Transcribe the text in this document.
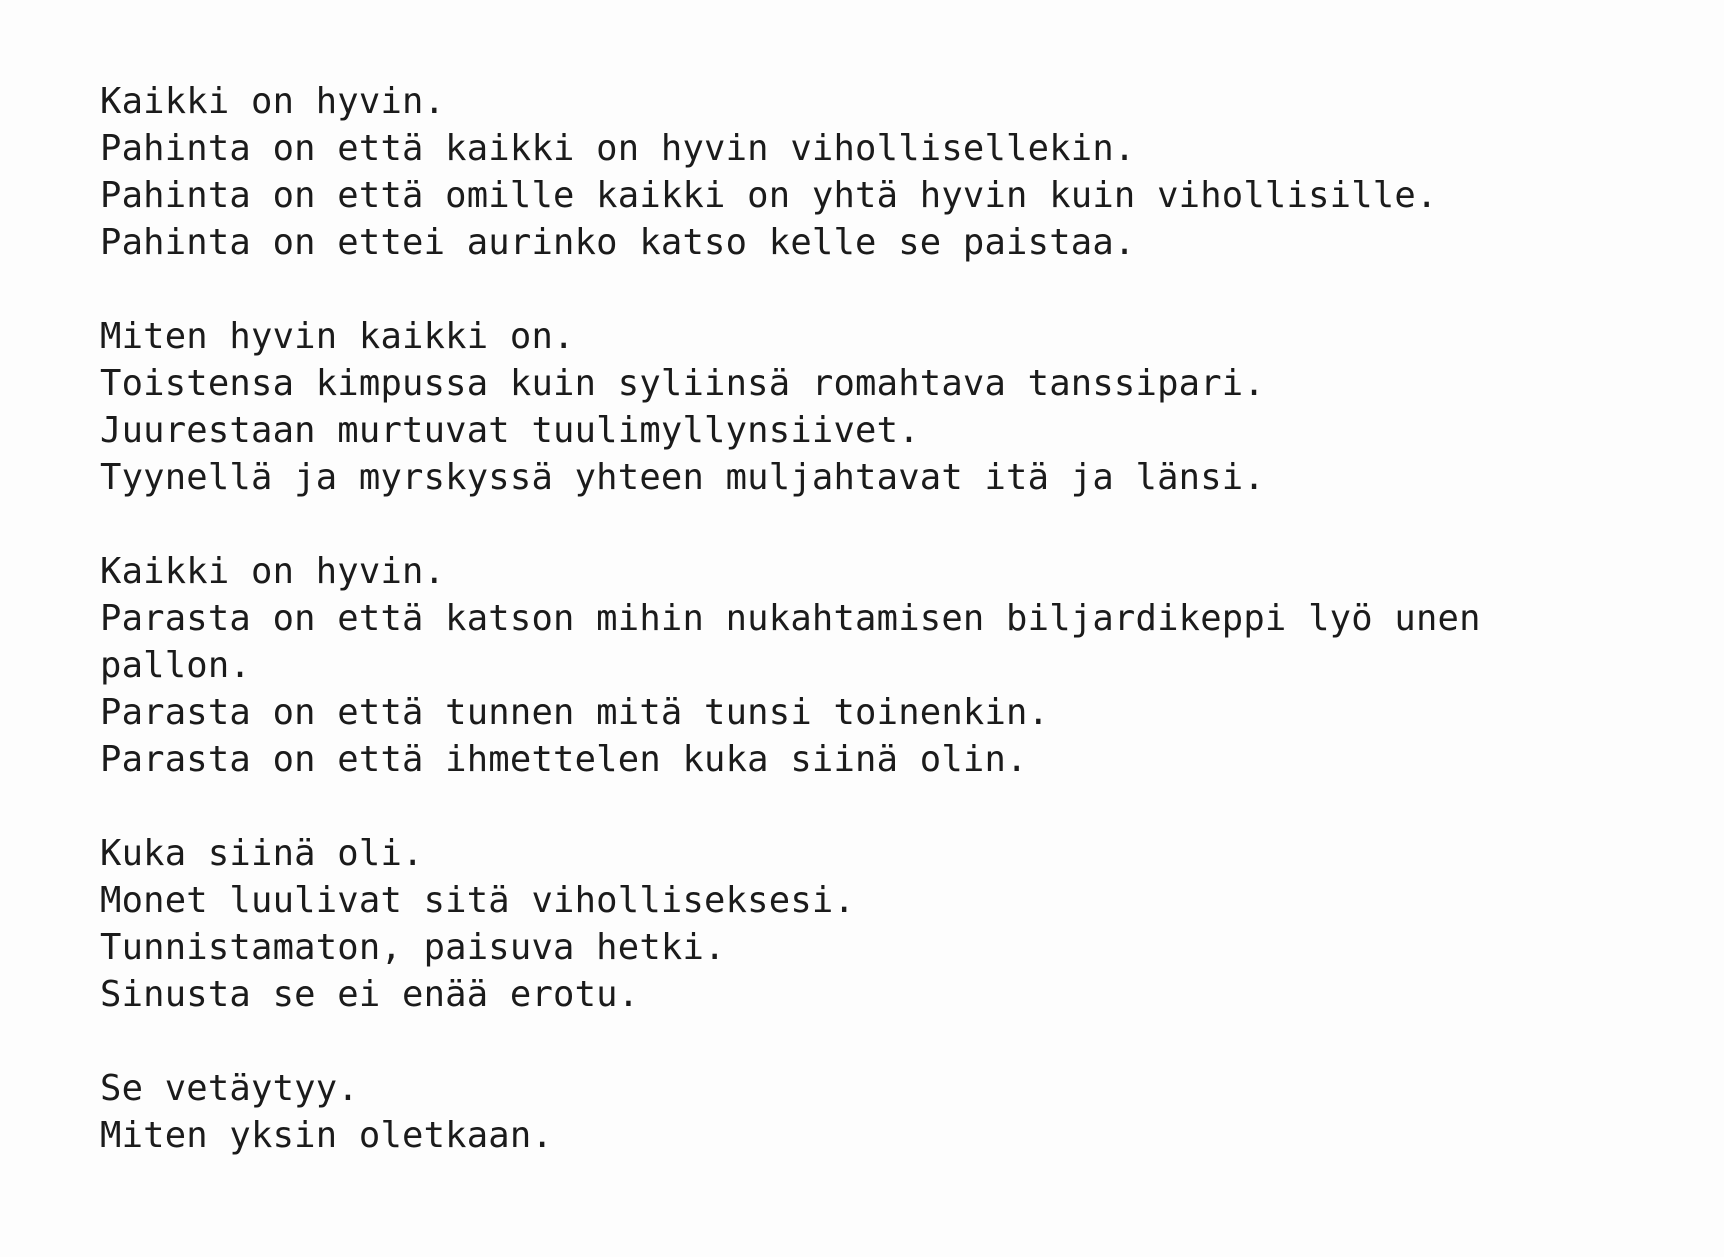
Kaikki on hyvin.
Pahinta on että kaikki on hyvin vihollisellekin.
Pahinta on että omille kaikki on yhtä hyvin kuin vihollisille.
Pahinta on ettei aurinko katso kelle se paistaa.

Miten hyvin kaikki on.
Toistensa kimpussa kuin syliinsä romahtava tanssipari.
Juurestaan murtuvat tuulimyllynsiivet.
Tyynellä ja myrskyssä yhteen muljahtavat itä ja länsi.

Kaikki on hyvin.
Parasta on että katson mihin nukahtamisen biljardikeppi lyö unen pallon.
Parasta on että tunnen mitä tunsi toinenkin.
Parasta on että ihmettelen kuka siinä olin.

Kuka siinä oli.
Monet luulivat sitä viholliseksesi.
Tunnistamaton, paisuva hetki.
Sinusta se ei enää erotu.

Se vetäytyy.
Miten yksin oletkaan.
